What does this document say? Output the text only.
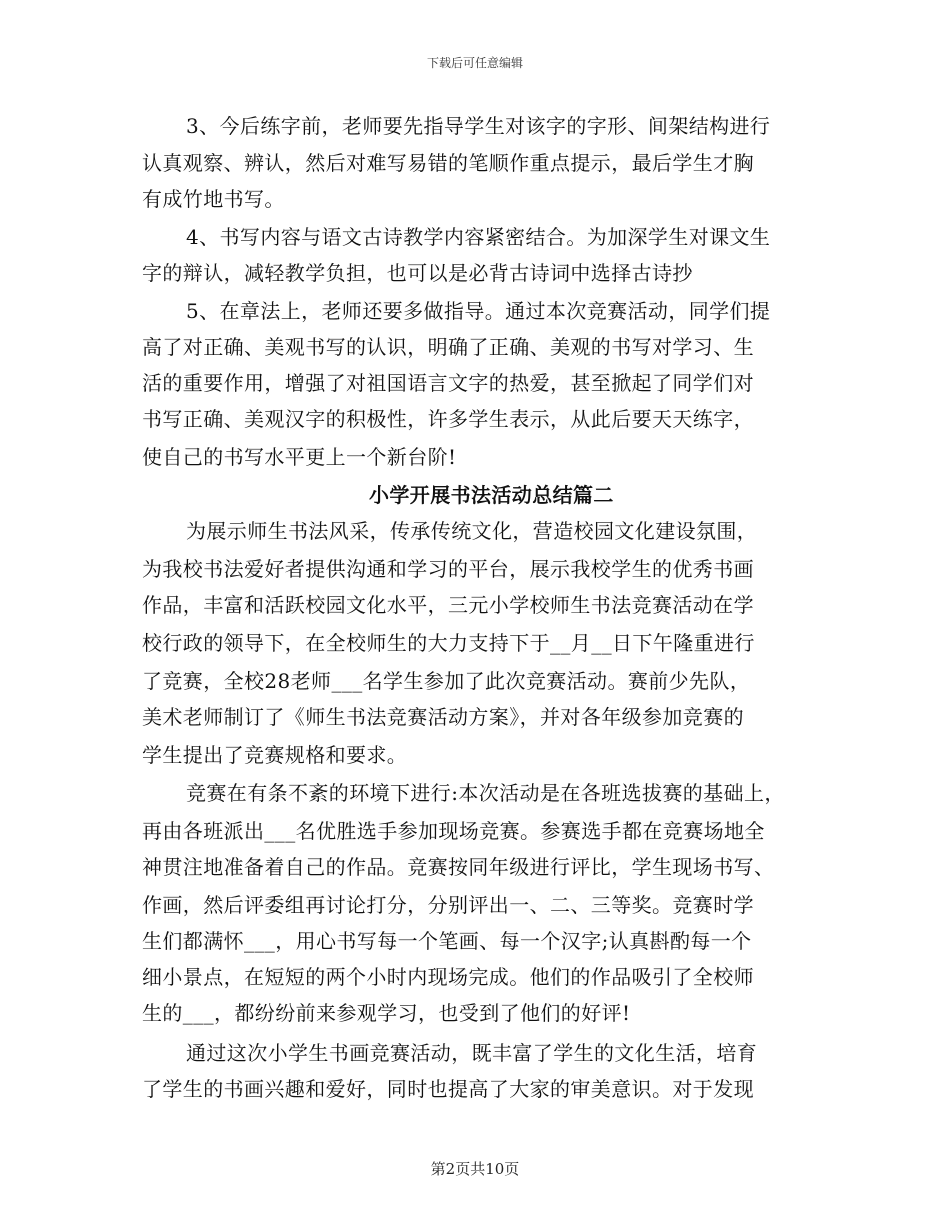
下载后可任意编辑
3、今后练字前，老师要先指导学生对该字的字形、间架结构进行
认真观察、辨认，然后对难写易错的笔顺作重点提示，最后学生才胸
有成竹地书写。
4、书写内容与语文古诗教学内容紧密结合。为加深学生对课文生
字的辩认，减轻教学负担，也可以是必背古诗词中选择古诗抄
5、在章法上，老师还要多做指导。通过本次竞赛活动，同学们提
高了对正确、美观书写的认识，明确了正确、美观的书写对学习、生
活的重要作用，增强了对祖国语言文字的热爱，甚至掀起了同学们对
书写正确、美观汉字的积极性，许多学生表示，从此后要天天练字，
使自己的书写水平更上一个新台阶!
小学开展书法活动总结篇二
为展示师生书法风采，传承传统文化，营造校园文化建设氛围，
为我校书法爱好者提供沟通和学习的平台，展示我校学生的优秀书画
作品，丰富和活跃校园文化水平，三元小学校师生书法竞赛活动在学
校行政的领导下，在全校师生的大力支持下于__月__日下午隆重进行
了竞赛，全校28老师___名学生参加了此次竞赛活动。赛前少先队，
美术老师制订了《师生书法竞赛活动方案》，并对各年级参加竞赛的
学生提出了竞赛规格和要求。
竞赛在有条不紊的环境下进行:本次活动是在各班选拔赛的基础上，
再由各班派出___名优胜选手参加现场竞赛。参赛选手都在竞赛场地全
神贯注地准备着自己的作品。竞赛按同年级进行评比，学生现场书写、
作画，然后评委组再讨论打分，分别评出一、二、三等奖。竞赛时学
生们都满怀___，用心书写每一个笔画、每一个汉字;认真斟酌每一个
细小景点，在短短的两个小时内现场完成。他们的作品吸引了全校师
生的___，都纷纷前来参观学习，也受到了他们的好评!
通过这次小学生书画竞赛活动，既丰富了学生的文化生活，培育
了学生的书画兴趣和爱好，同时也提高了大家的审美意识。对于发现
第2页共10页
